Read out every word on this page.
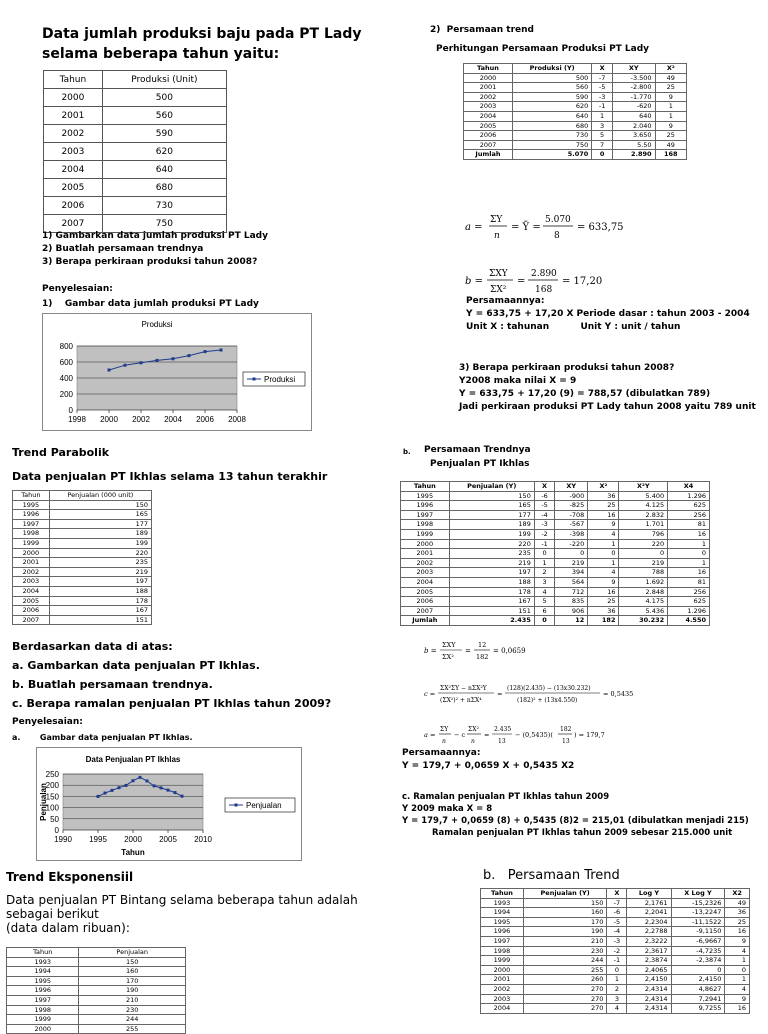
Data jumlah produksi baju pada PT Lady selama beberapa tahun yaitu:
Tahun	Produksi (Unit)
2000	500
2001	560
2002	590
2003	620
2004	640
2005	680
2006	730
2007	750
1) Gambarkan data jumlah produksi PT Lady
2) Buatlah persamaan trendnya
3) Berapa perkiraan produksi tahun 2008?
Penyelesaian:
1)    Gambar data jumlah produksi PT Lady
Produksi
0
200
400
600
800
1998 2000 2002 2004 2006 2008
Produksi
2)  Persamaan trend
Perhitungan Persamaan Produksi PT Lady
Tahun	Produksi (Y)	X	XY	X²
2000	500	-7	-3.500	49
2001	560	-5	-2.800	25
2002	590	-3	-1.770	9
2003	620	-1	-620	1
2004	640	1	640	1
2005	680	3	2.040	9
2006	730	5	3.650	25
2007	750	7	5.50	49
Jumlah	5.070	0	2.890	168
a =
ΣY
n
= Ȳ =
5.070
8
= 633,75
b =
ΣXY
ΣX²
=
2.890
168
= 17,20
Persamaannya:
Y = 633,75 + 17,20 X Periode dasar : tahun 2003 - 2004
Unit X : tahunan          Unit Y : unit / tahun
3) Berapa perkiraan produksi tahun 2008?
Y2008 maka nilai X = 9
Y = 633,75 + 17,20 (9) = 788,57 (dibulatkan 789)
Jadi perkiraan produksi PT Lady tahun 2008 yaitu 789 unit
Trend Parabolik
Data penjualan PT Ikhlas selama 13 tahun terakhir
Tahun	Penjualan (000 unit)
1995	150
1996	165
1997	177
1998	189
1999	199
2000	220
2001	235
2002	219
2003	197
2004	188
2005	178
2006	167
2007	151
Berdasarkan data di atas:
a. Gambarkan data penjualan PT Ikhlas.
b. Buatlah persamaan trendnya.
c. Berapa ramalan penjualan PT Ikhlas tahun 2009?
Penyelesaian:
a.       Gambar data penjualan PT Ikhlas.
Data Penjualan PT Ikhlas
0
50
100
150
200
250
1990 1995 2000 2005 2010
Tahun
Penjualan	Penjualan
b. Persamaan Trendnya
Penjualan PT Ikhlas
Tahun	Penjualan (Y)	X	XY	X²	X²Y	X4
1995	150	-6	-900	36	5.400	1.296
1996	165	-5	-825	25	4.125	625
1997	177	-4	-708	16	2.832	256
1998	189	-3	-567	9	1.701	81
1999	199	-2	-398	4	796	16
2000	220	-1	-220	1	220	1
2001	235	0	0	0	0	0
2002	219	1	219	1	219	1
2003	197	2	394	4	788	16
2004	188	3	564	9	1.692	81
2005	178	4	712	16	2.848	256
2006	167	5	835	25	4.175	625
2007	151	6	906	36	5.436	1.296
Jumlah	2.435	0	12	182	30.232	4.550
b =
ΣXY
ΣX²
=
12
182
= 0,0659
c =
ΣX²ΣY − nΣX²Y
(ΣX²)² + nΣX⁴
=
(128)(2.435) − (13x30.232)
(182)² + (13x4.550)
= 0,5435
a =
ΣY
n
− c
ΣX²
n
=
2.435
13
− (0,5435)(
182
13
) = 179,7
Persamaannya:
Y = 179,7 + 0,0659 X + 0,5435 X2
c. Ramalan penjualan PT Ikhlas tahun 2009
Y 2009 maka X = 8
Y = 179,7 + 0,0659 (8) + 0,5435 (8)2 = 215,01 (dibulatkan menjadi 215)
Ramalan penjualan PT Ikhlas tahun 2009 sebesar 215.000 unit
Trend Eksponensiil
Data penjualan PT Bintang selama beberapa tahun adalah
sebagai berikut
(data dalam ribuan):
Tahun	Penjualan
1993	150
1994	160
1995	170
1996	190
1997	210
1998	230
1999	244
2000	255
b.   Persamaan Trend
Tahun	Penjualan (Y)	X	Log Y	X Log Y	X2
1993	150	-7	2,1761	-15,2326	49
1994	160	-6	2,2041	-13,2247	36
1995	170	-5	2,2304	-11,1522	25
1996	190	-4	2,2788	-9,1150	16
1997	210	-3	2,3222	-6,9667	9
1998	230	-2	2,3617	-4,7235	4
1999	244	-1	2,3874	-2,3874	1
2000	255	0	2,4065	0	0
2001	260	1	2,4150	2,4150	1
2002	270	2	2,4314	4,8627	4
2003	270	3	2,4314	7,2941	9
2004	270	4	2,4314	9,7255	16
